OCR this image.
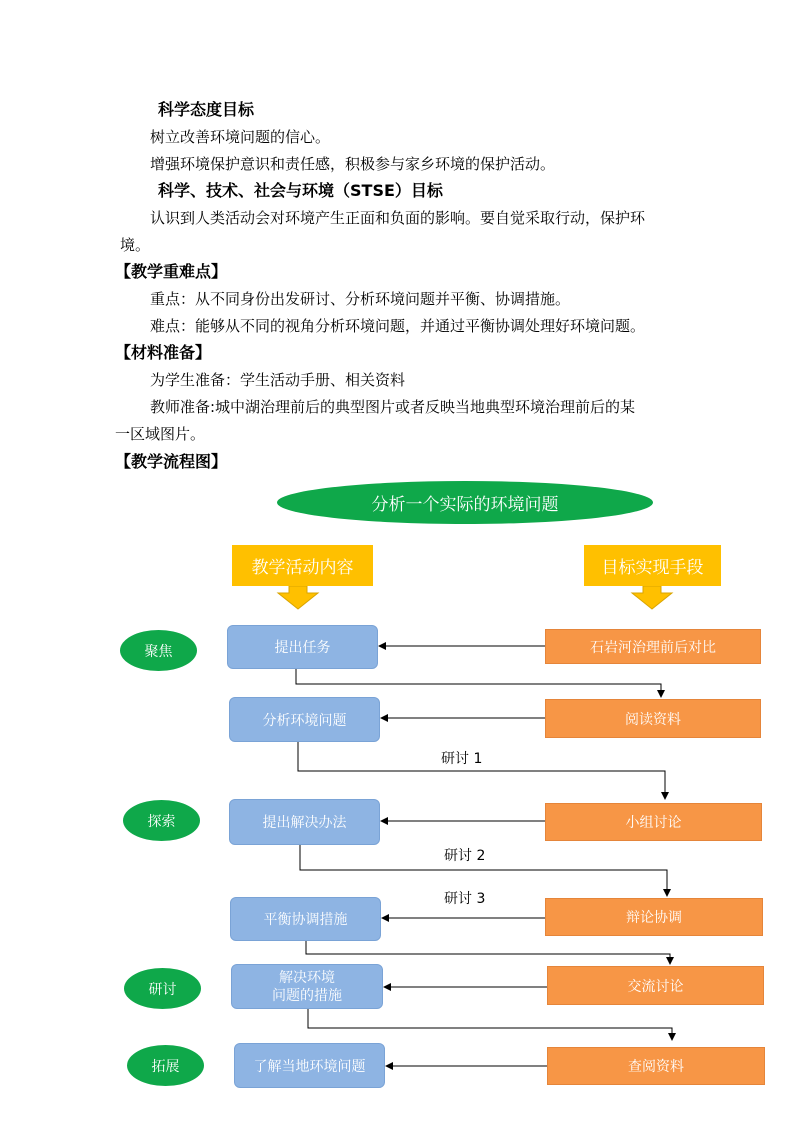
科学态度目标
树立改善环境问题的信心。
增强环境保护意识和责任感，积极参与家乡环境的保护活动。
科学、技术、社会与环境（STSE）目标
认识到人类活动会对环境产生正面和负面的影响。要自觉采取行动，保护环
境。
【教学重难点】
重点：从不同身份出发研讨、分析环境问题并平衡、协调措施。
难点：能够从不同的视角分析环境问题，并通过平衡协调处理好环境问题。
【材料准备】
为学生准备：学生活动手册、相关资料
教师准备:城中湖治理前后的典型图片或者反映当地典型环境治理前后的某
一区域图片。
【教学流程图】
分析一个实际的环境问题
教学活动内容	目标实现手段
聚焦
探索
研讨
拓展
提出任务
分析环境问题
提出解决办法
平衡协调措施
解决环境
问题的措施
了解当地环境问题
石岩河治理前后对比
阅读资料
小组讨论
辩论协调
交流讨论
查阅资料
研讨 1
研讨 2
研讨 3
